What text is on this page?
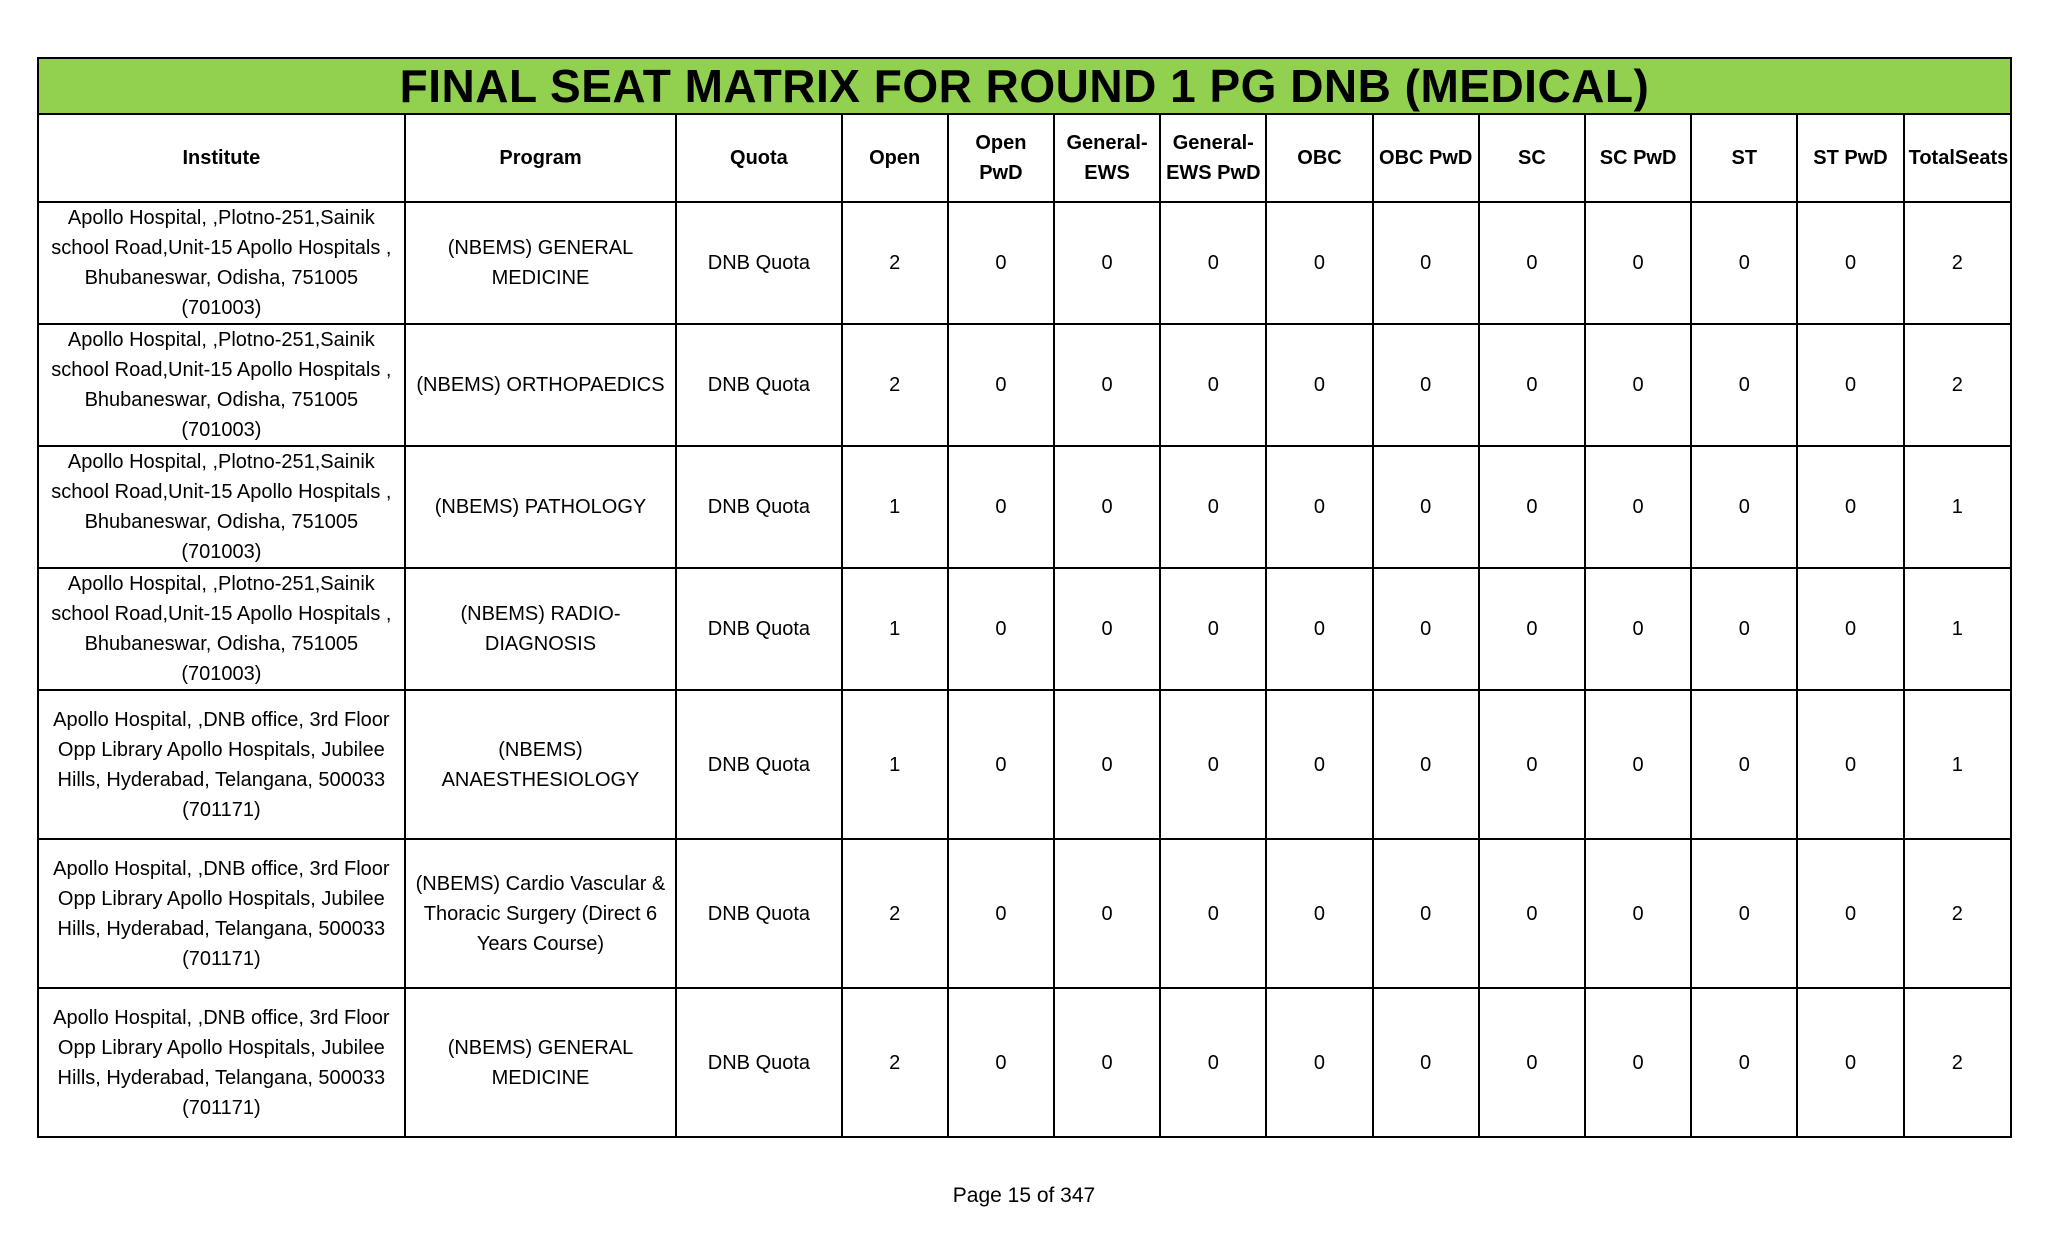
FINAL SEAT MATRIX FOR ROUND 1 PG DNB (MEDICAL)													
Institute	Program	Quota	Open	Open PwD	General-EWS	General-EWS PwD	OBC	OBC PwD	SC	SC PwD	ST	ST PwD	TotalSeats
Apollo Hospital, ,Plotno-251,Sainik school Road,Unit-15 Apollo Hospitals , Bhubaneswar, Odisha, 751005 (701003)	(NBEMS) GENERAL MEDICINE	DNB Quota	2	0	0	0	0	0	0	0	0	0	2
Apollo Hospital, ,Plotno-251,Sainik school Road,Unit-15 Apollo Hospitals , Bhubaneswar, Odisha, 751005 (701003)	(NBEMS) ORTHOPAEDICS	DNB Quota	2	0	0	0	0	0	0	0	0	0	2
Apollo Hospital, ,Plotno-251,Sainik school Road,Unit-15 Apollo Hospitals , Bhubaneswar, Odisha, 751005 (701003)	(NBEMS) PATHOLOGY	DNB Quota	1	0	0	0	0	0	0	0	0	0	1
Apollo Hospital, ,Plotno-251,Sainik school Road,Unit-15 Apollo Hospitals , Bhubaneswar, Odisha, 751005 (701003)	(NBEMS) RADIO-DIAGNOSIS	DNB Quota	1	0	0	0	0	0	0	0	0	0	1
Apollo Hospital, ,DNB office, 3rd Floor Opp Library Apollo Hospitals, Jubilee Hills, Hyderabad, Telangana, 500033 (701171)	(NBEMS) ANAESTHESIOLOGY	DNB Quota	1	0	0	0	0	0	0	0	0	0	1
Apollo Hospital, ,DNB office, 3rd Floor Opp Library Apollo Hospitals, Jubilee Hills, Hyderabad, Telangana, 500033 (701171)	(NBEMS) Cardio Vascular & Thoracic Surgery (Direct 6 Years Course)	DNB Quota	2	0	0	0	0	0	0	0	0	0	2
Apollo Hospital, ,DNB office, 3rd Floor Opp Library Apollo Hospitals, Jubilee Hills, Hyderabad, Telangana, 500033 (701171)	(NBEMS) GENERAL MEDICINE	DNB Quota	2	0	0	0	0	0	0	0	0	0	2
Page 15 of 347
